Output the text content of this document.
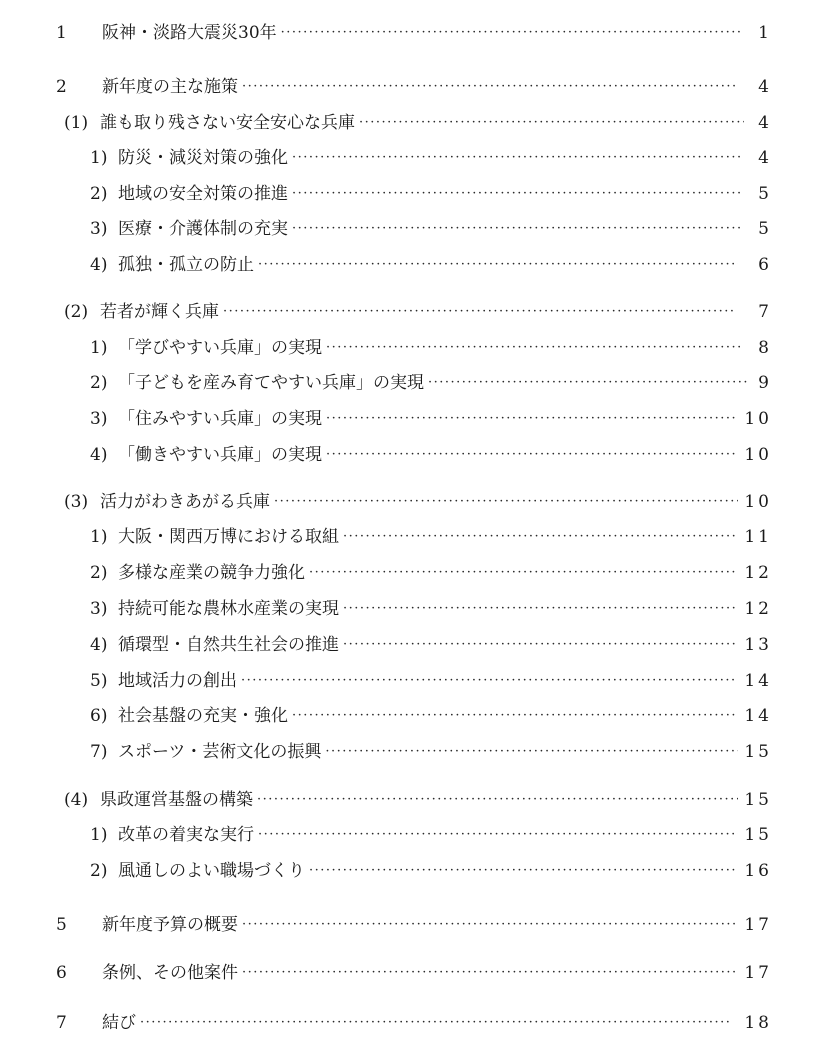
1	阪神・淡路大震災30年 ·····	1
2	新年度の主な施策 ·····	4
(1) 誰も取り残さない安全安心な兵庫 ·····	4
1) 防災・減災対策の強化 ·····	4
2) 地域の安全対策の推進 ·····	5
3) 医療・介護体制の充実 ·····	5
4) 孤独・孤立の防止 ·····	6
(2) 若者が輝く兵庫 ·····	7
1) 「学びやすい兵庫」の実現 ·····	8
2) 「子どもを産み育てやすい兵庫」の実現 ·····	9
3) 「住みやすい兵庫」の実現 ·····	10
4) 「働きやすい兵庫」の実現 ·····	10
(3) 活力がわきあがる兵庫 ·····	10
1) 大阪・関西万博における取組 ·····	11
2) 多様な産業の競争力強化 ·····	12
3) 持続可能な農林水産業の実現 ·····	12
4) 循環型・自然共生社会の推進 ·····	13
5) 地域活力の創出 ·····	14
6) 社会基盤の充実・強化 ·····	14
7) スポーツ・芸術文化の振興 ·····	15
(4) 県政運営基盤の構築 ·····	15
1) 改革の着実な実行 ·····	15
2) 風通しのよい職場づくり ·····	16
5	新年度予算の概要 ·····	17
6	条例、その他案件 ·····	17
7	結び ·····	18
